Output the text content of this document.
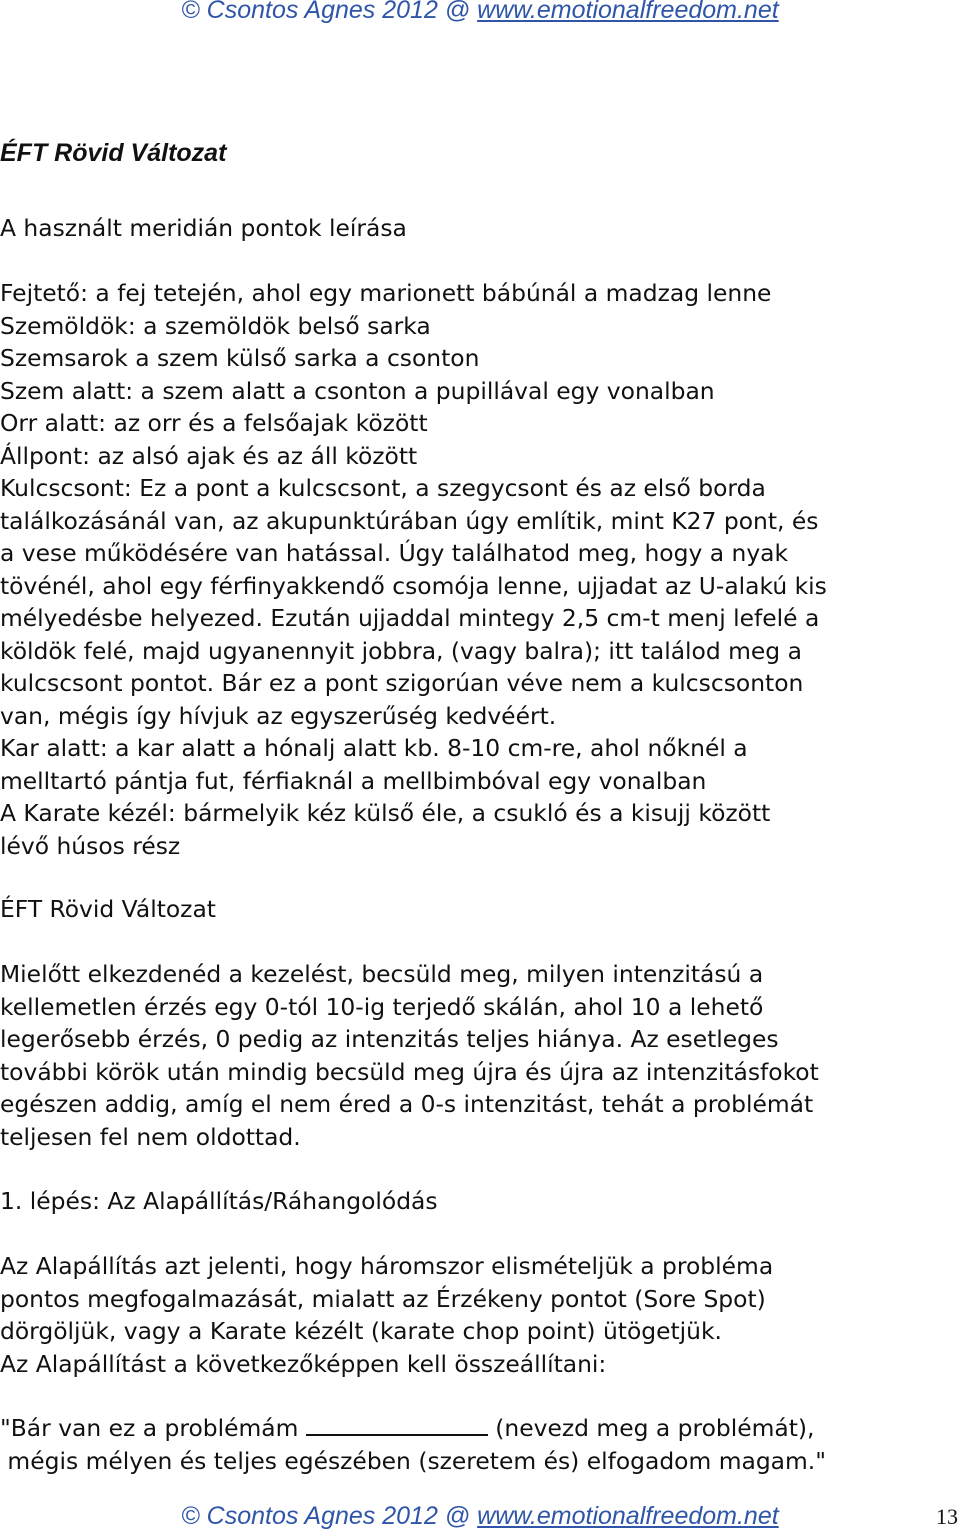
© Csontos Agnes 2012 @ www.emotionalfreedom.net
ÉFT Rövid Változat
A használt meridián pontok leírása
Fejtető: a fej tetején, ahol egy marionett bábúnál a madzag lenne
Szemöldök: a szemöldök belső sarka
Szemsarok a szem külső sarka a csonton
Szem alatt: a szem alatt a csonton a pupillával egy vonalban
Orr alatt: az orr és a felsőajak között
Állpont: az alsó ajak és az áll között
Kulcscsont: Ez a pont a kulcscsont, a szegycsont és az első borda
találkozásánál van, az akupunktúrában úgy említik, mint K27 pont, és
a vese működésére van hatással. Úgy találhatod meg, hogy a nyak
tövénél, ahol egy férfinyakkendő csomója lenne, ujjadat az U-alakú kis
mélyedésbe helyezed. Ezután ujjaddal mintegy 2,5 cm-t menj lefelé a
köldök felé, majd ugyanennyit jobbra, (vagy balra); itt találod meg a
kulcscsont pontot. Bár ez a pont szigorúan véve nem a kulcscsonton
van, mégis így hívjuk az egyszerűség kedvéért.
Kar alatt: a kar alatt a hónalj alatt kb. 8-10 cm-re, ahol nőknél a
melltartó pántja fut, férfiaknál a mellbimbóval egy vonalban
A Karate kézél: bármelyik kéz külső éle, a csukló és a kisujj között
lévő húsos rész
ÉFT Rövid Változat
Mielőtt elkezdenéd a kezelést, becsüld meg, milyen intenzitású a
kellemetlen érzés egy 0-tól 10-ig terjedő skálán, ahol 10 a lehető
legerősebb érzés, 0 pedig az intenzitás teljes hiánya. Az esetleges
további körök után mindig becsüld meg újra és újra az intenzitásfokot
egészen addig, amíg el nem éred a 0-s intenzitást, tehát a problémát
teljesen fel nem oldottad.
1. lépés: Az Alapállítás/Ráhangolódás
Az Alapállítás azt jelenti, hogy háromszor elismételjük a probléma
pontos megfogalmazását, mialatt az Érzékeny pontot (Sore Spot)
dörgöljük, vagy a Karate kézélt (karate chop point) ütögetjük.
Az Alapállítást a következőképpen kell összeállítani:
"Bár van ez a problémám	(nevezd meg a problémát),
mégis mélyen és teljes egészében (szeretem és) elfogadom magam."
© Csontos Agnes 2012 @ www.emotionalfreedom.net	13
